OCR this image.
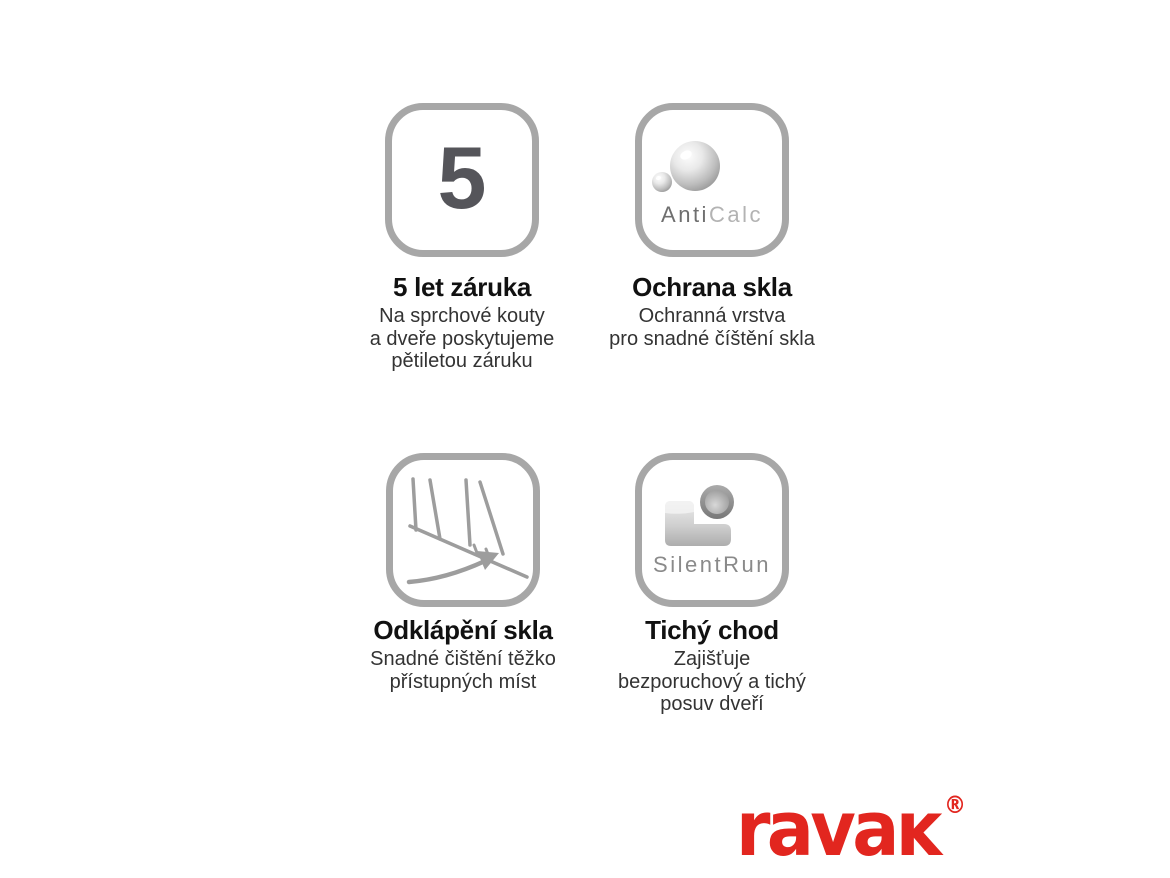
5
5 let záruka

Na sprchové kouty
a dveře poskytujeme
pětiletou záruku

AntiCalc
Ochrana skla

Ochranná vrstva
pro snadné číštění skla

Odklápění skla

Snadné čištění těžko
přístupných míst

SilentRun
Tichý chod

Zajišťuje
bezporuchový a tichý
posuv dveří

ravaĸ ®
